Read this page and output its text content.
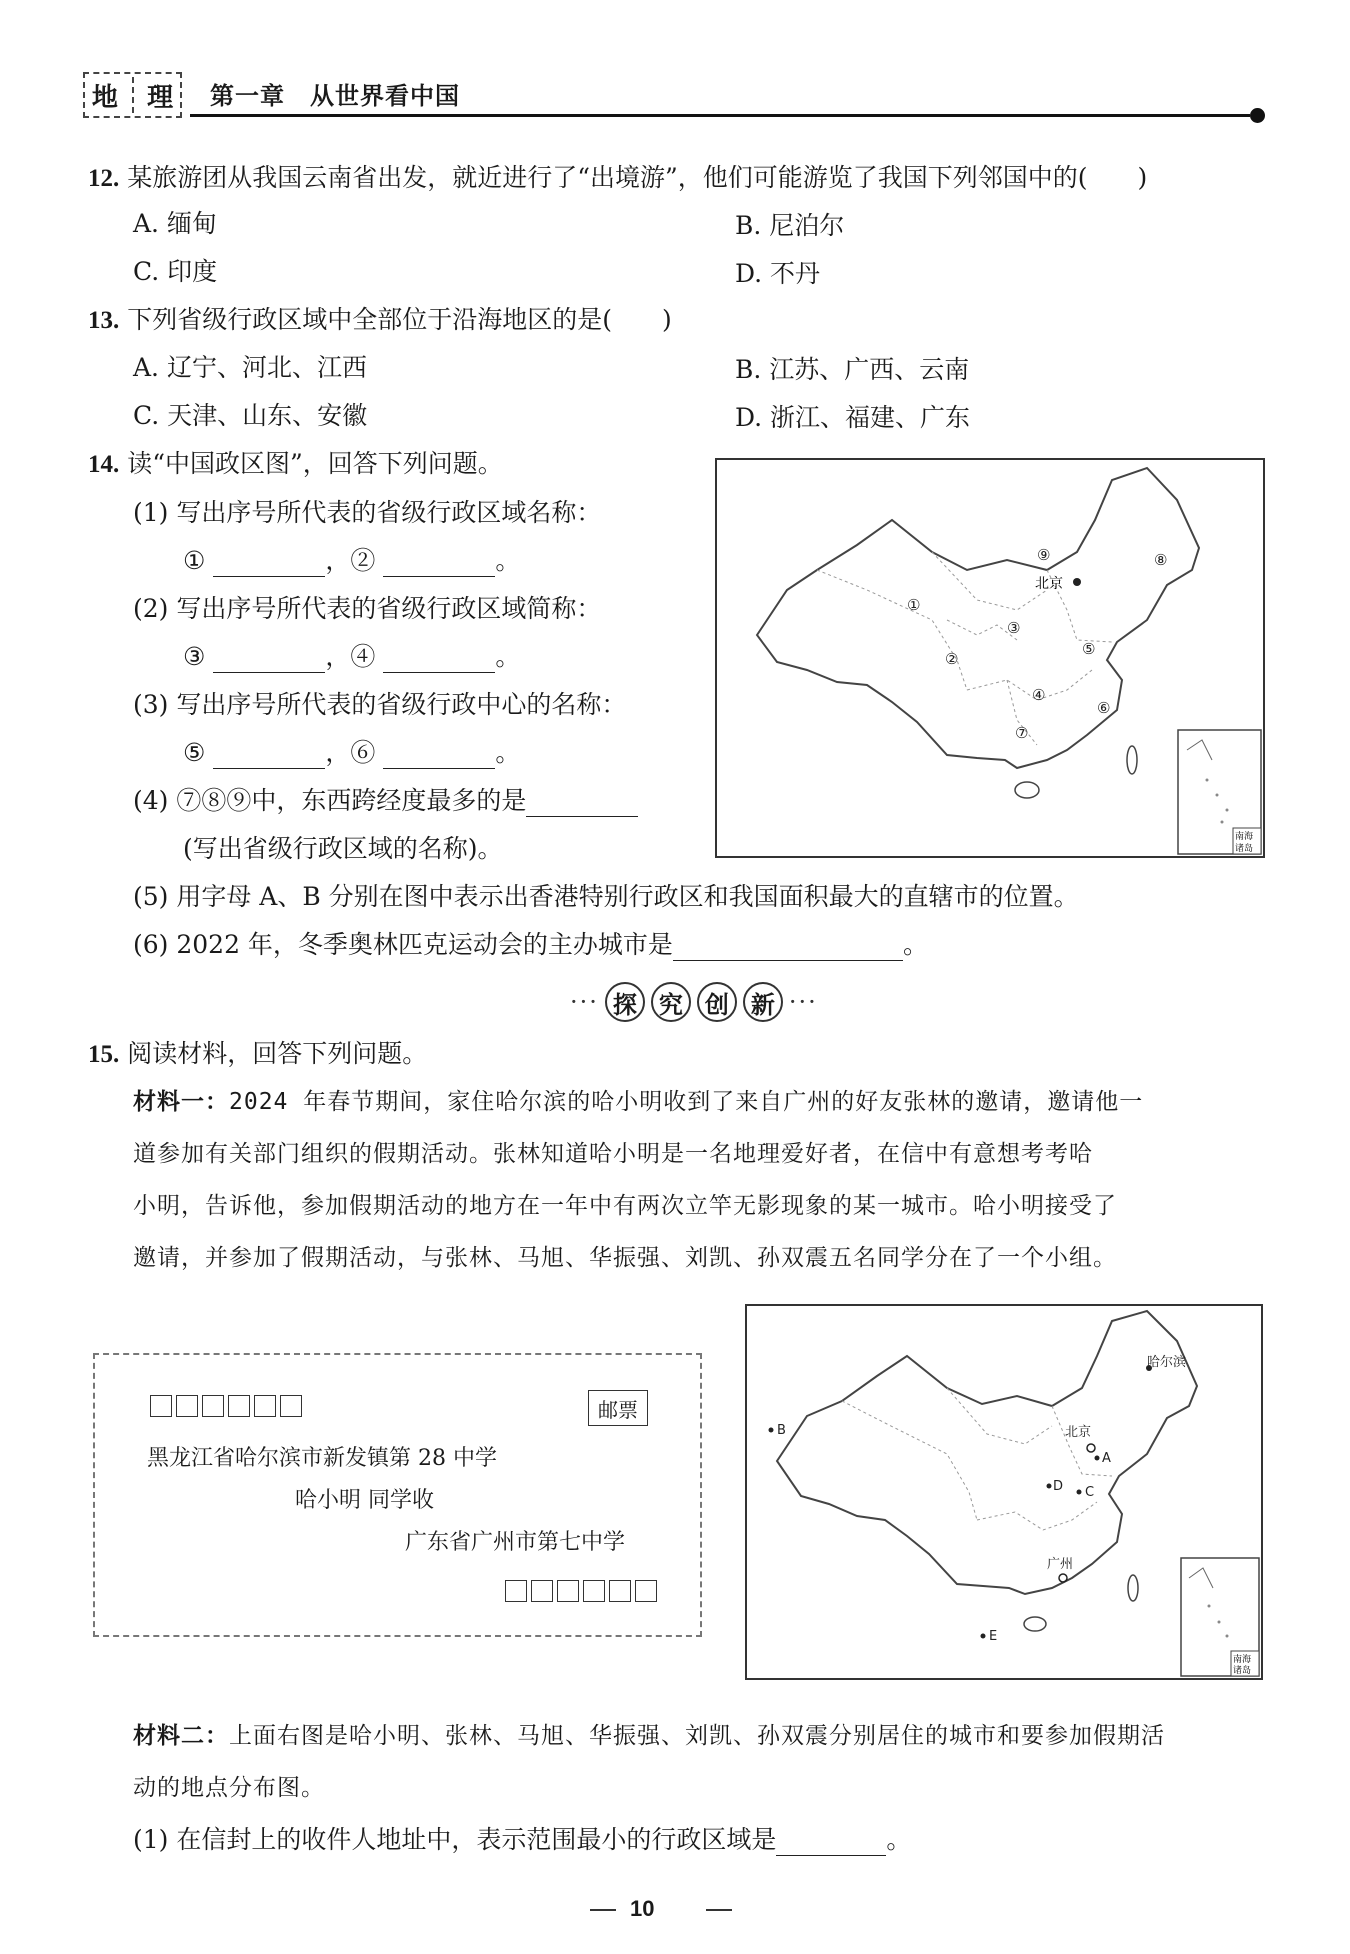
地 理 第一章　从世界看中国
12. 某旅游团从我国云南省出发，就近进行了“出境游”，他们可能游览了我国下列邻国中的(　　)
A. 缅甸	B. 尼泊尔
C. 印度	D. 不丹
13. 下列省级行政区域中全部位于沿海地区的是(　　)
A. 辽宁、河北、江西	B. 江苏、广西、云南
C. 天津、山东、安徽	D. 浙江、福建、广东
14. 读“中国政区图”，回答下列问题。
(1) 写出序号所代表的省级行政区域名称：
①	，②	。
(2) 写出序号所代表的省级行政区域简称：
③	，④	。
(3) 写出序号所代表的省级行政中心的名称：
⑤	，⑥	。
(4) ⑦⑧⑨中，东西跨经度最多的是
(写出省级行政区域的名称)。
(5) 用字母 A、B 分别在图中表示出香港特别行政区和我国面积最大的直辖市的位置。
(6) 2022 年，冬季奥林匹克运动会的主办城市是	。
北京
①
②
③
④
⑤
⑥
⑦
⑧
⑨
南海
诸岛
··· 探 究 创 新 ···
15. 阅读材料，回答下列问题。
材料一：2024 年春节期间，家住哈尔滨的哈小明收到了来自广州的好友张林的邀请，邀请他一
道参加有关部门组织的假期活动。张林知道哈小明是一名地理爱好者，在信中有意想考考哈
小明，告诉他，参加假期活动的地方在一年中有两次立竿无影现象的某一城市。哈小明接受了
邀请，并参加了假期活动，与张林、马旭、华振强、刘凯、孙双震五名同学分在了一个小组。
邮票
黑龙江省哈尔滨市新发镇第 28 中学
哈小明 同学收
广东省广州市第七中学
哈尔滨
北京
广州
A
B
C
D
E
南海
诸岛
材料二：上面右图是哈小明、张林、马旭、华振强、刘凯、孙双震分别居住的城市和要参加假期活
动的地点分布图。
(1) 在信封上的收件人地址中，表示范围最小的行政区域是	。
10
